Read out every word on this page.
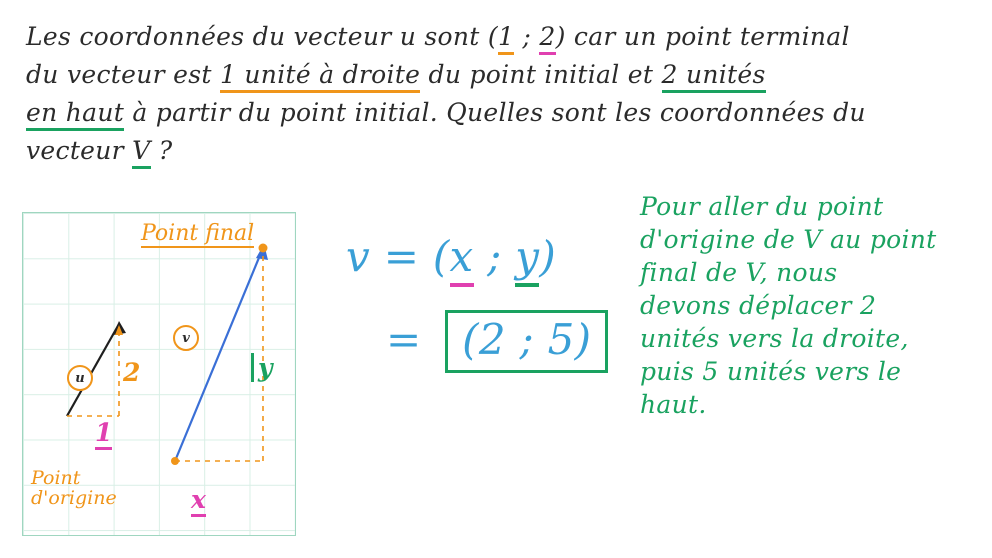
Les coordonnées du vecteur u sont (1 ; 2) car un point terminal
du vecteur est 1 unité à droite du point initial et 2 unités
en haut à partir du point initial. Quelles sont les coordonnées du
vecteur V ?
Point final
Point
d'origine
2
1
x
y
u
v
v = (x ; y)
= (2 ; 5)
Pour aller du point
d'origine de V au point
final de V, nous
devons déplacer 2
unités vers la droite,
puis 5 unités vers le
haut.
